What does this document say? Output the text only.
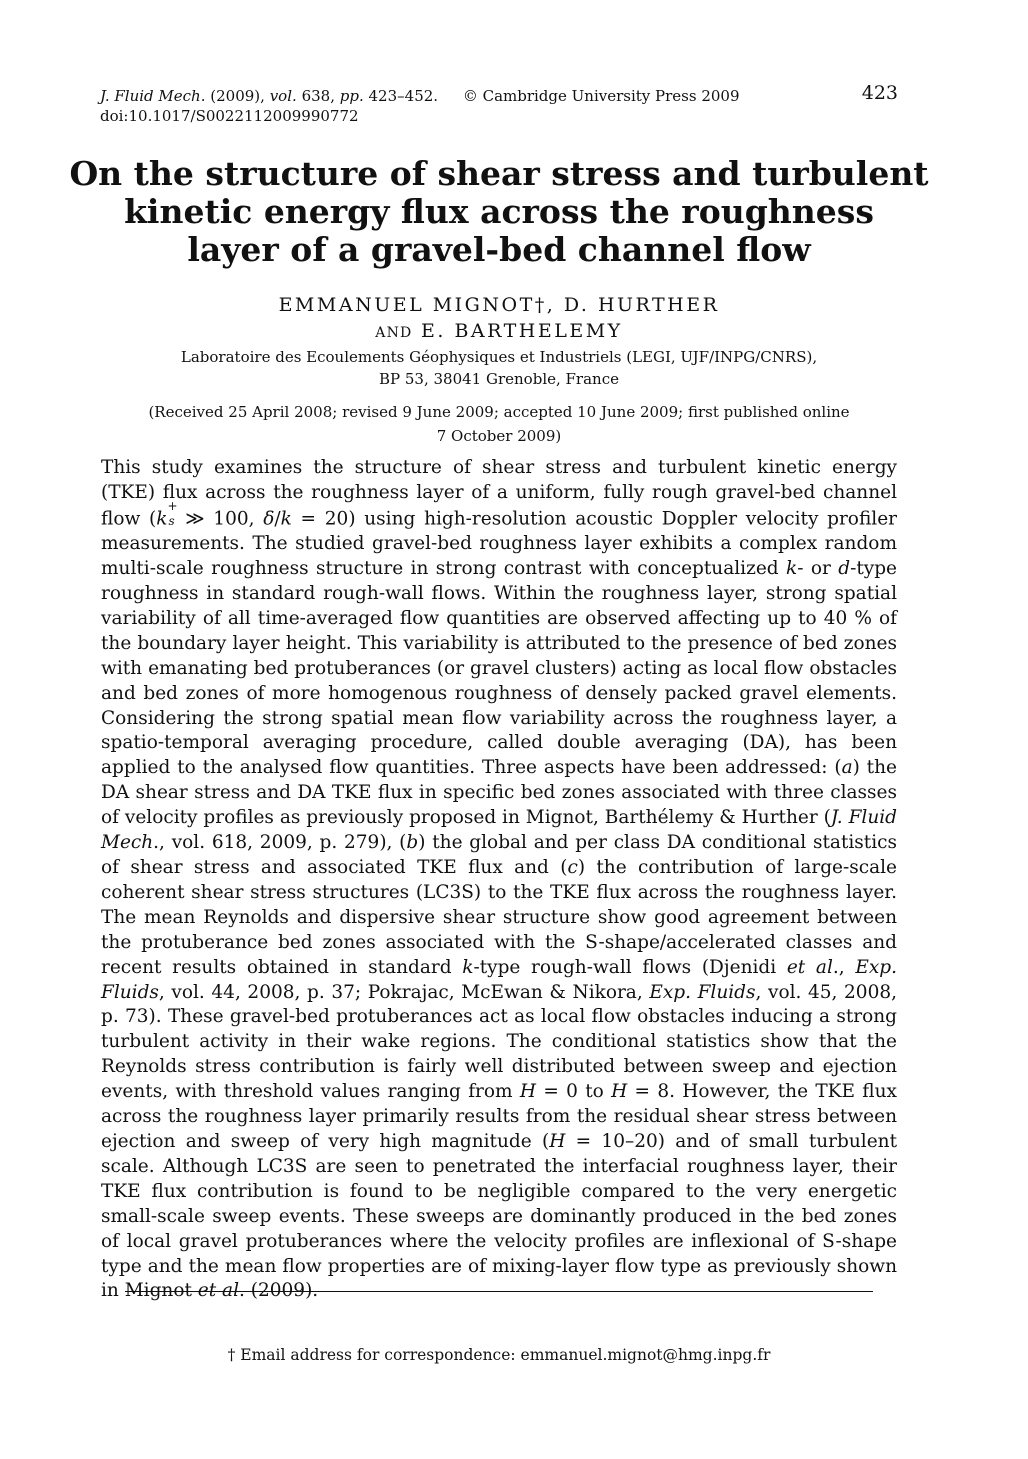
J. Fluid Mech. (2009), vol. 638, pp. 423–452. © Cambridge University Press 2009
doi:10.1017/S0022112009990772
423
On the structure of shear stress and turbulent
kinetic energy flux across the roughness
layer of a gravel-bed channel flow
EMMANUEL MIGNOT†, D. HURTHER
AND E. BARTHELEMY
Laboratoire des Ecoulements Géophysiques et Industriels (LEGI, UJF/INPG/CNRS),
BP 53, 38041 Grenoble, France
(Received 25 April 2008; revised 9 June 2009; accepted 10 June 2009; first published online
7 October 2009)
This study examines the structure of shear stress and turbulent kinetic energy (TKE) flux across the roughness layer of a uniform, fully rough gravel-bed channel flow (k
+
s ≫ 100, δ/k = 20) using high-resolution acoustic Doppler velocity profiler measurements. The studied gravel-bed roughness layer exhibits a complex random multi-scale roughness structure in strong contrast with conceptualized k- or d-type roughness in standard rough-wall flows. Within the roughness layer, strong spatial variability of all time-averaged flow quantities are observed affecting up to 40 % of the boundary layer height. This variability is attributed to the presence of bed zones with emanating bed protuberances (or gravel clusters) acting as local flow obstacles and bed zones of more homogenous roughness of densely packed gravel elements. Considering the strong spatial mean flow variability across the roughness layer, a spatio-temporal averaging procedure, called double averaging (DA), has been applied to the analysed flow quantities. Three aspects have been addressed: (a) the DA shear stress and DA TKE flux in specific bed zones associated with three classes of velocity profiles as previously proposed in Mignot, Barthélemy & Hurther (J. Fluid Mech., vol. 618, 2009, p. 279), (b) the global and per class DA conditional statistics of shear stress and associated TKE flux and (c) the contribution of large-scale coherent shear stress structures (LC3S) to the TKE flux across the roughness layer. The mean Reynolds and dispersive shear structure show good agreement between the protuberance bed zones associated with the S-shape/accelerated classes and recent results obtained in standard k-type rough-wall flows (Djenidi et al., Exp. Fluids, vol. 44, 2008, p. 37; Pokrajac, McEwan & Nikora, Exp. Fluids, vol. 45, 2008, p. 73). These gravel-bed protuberances act as local flow obstacles inducing a strong turbulent activity in their wake regions. The conditional statistics show that the Reynolds stress contribution is fairly well distributed between sweep and ejection events, with threshold values ranging from H = 0 to H = 8. However, the TKE flux across the roughness layer primarily results from the residual shear stress between ejection and sweep of very high magnitude (H = 10–20) and of small turbulent scale. Although LC3S are seen to penetrated the interfacial roughness layer, their TKE flux contribution is found to be negligible compared to the very energetic small-scale sweep events. These sweeps are dominantly produced in the bed zones of local gravel protuberances where the velocity profiles are inflexional of S-shape type and the mean flow properties are of mixing-layer flow type as previously shown in Mignot et al. (2009).
† Email address for correspondence: emmanuel.mignot@hmg.inpg.fr
